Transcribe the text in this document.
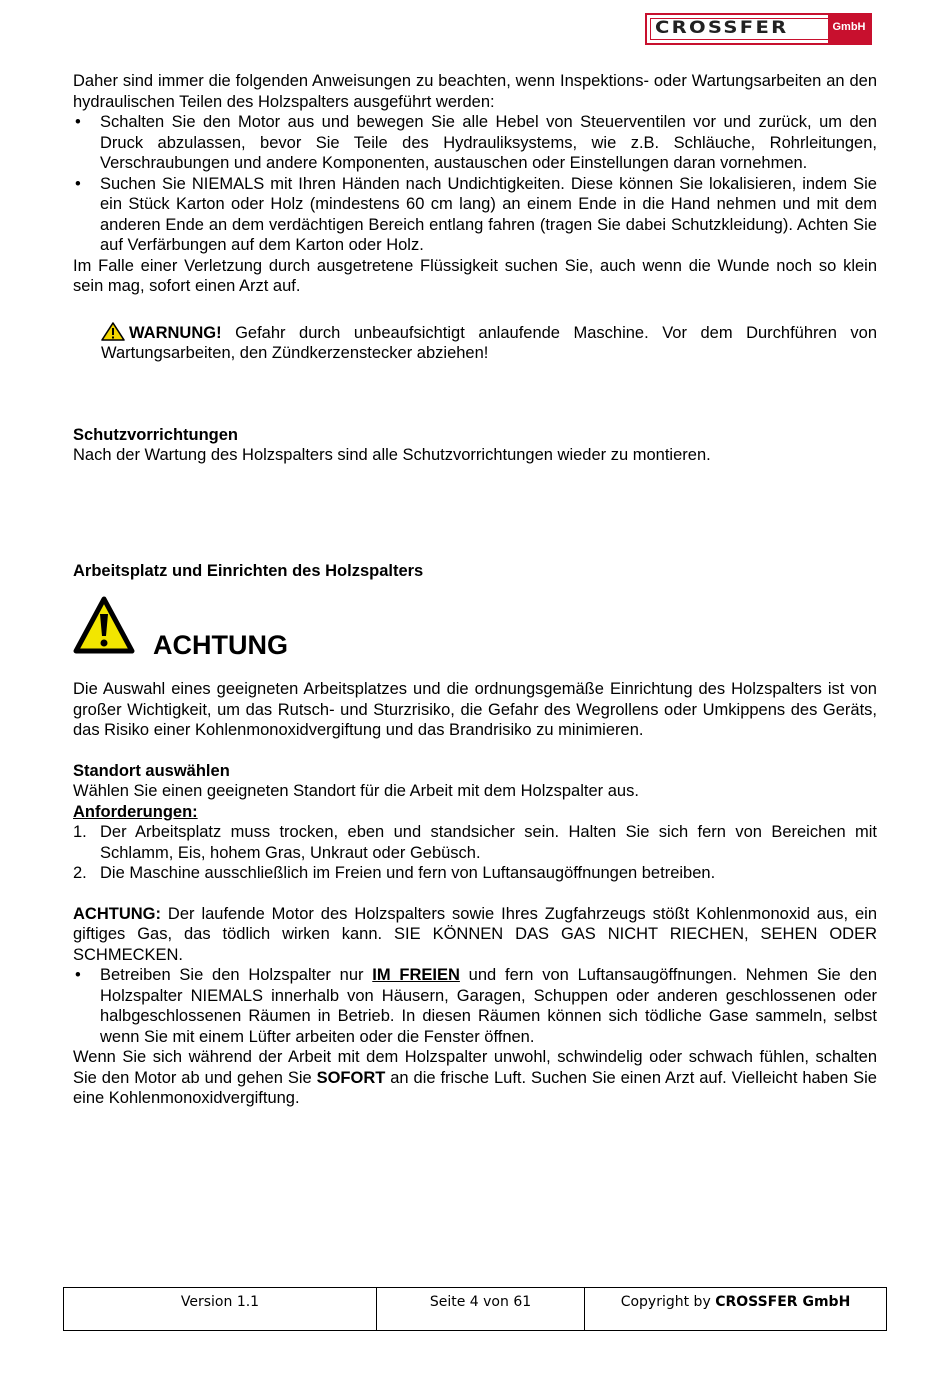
CROSSFER	GmbH

Daher sind immer die folgenden Anweisungen zu beachten, wenn Inspektions- oder Wartungsarbeiten an den hydraulischen Teilen des Holzspalters ausgeführt werden:

• Schalten Sie den Motor aus und bewegen Sie alle Hebel von Steuerventilen vor und zurück, um den Druck abzulassen, bevor Sie Teile des Hydrauliksystems, wie z.B. Schläuche, Rohrleitungen, Verschraubungen und andere Komponenten, austauschen oder Einstellungen daran vornehmen.
• Suchen Sie NIEMALS mit Ihren Händen nach Undichtigkeiten. Diese können Sie lokalisieren, indem Sie ein Stück Karton oder Holz (mindestens 60 cm lang) an einem Ende in die Hand nehmen und mit dem anderen Ende an dem verdächtigen Bereich entlang fahren (tragen Sie dabei Schutzkleidung). Achten Sie auf Verfärbungen auf dem Karton oder Holz.

Im Falle einer Verletzung durch ausgetretene Flüssigkeit suchen Sie, auch wenn die Wunde noch so klein sein mag, sofort einen Arzt auf.

WARNUNG! Gefahr durch unbeaufsichtigt anlaufende Maschine. Vor dem Durchführen von Wartungsarbeiten, den Zündkerzenstecker abziehen!

Schutzvorrichtungen

Nach der Wartung des Holzspalters sind alle Schutzvorrichtungen wieder zu montieren.

Arbeitsplatz und Einrichten des Holzspalters

ACHTUNG

Die Auswahl eines geeigneten Arbeitsplatzes und die ordnungsgemäße Einrichtung des Holzspalters ist von großer Wichtigkeit, um das Rutsch- und Sturzrisiko, die Gefahr des Wegrollens oder Umkippens des Geräts, das Risiko einer Kohlenmonoxidvergiftung und das Brandrisiko zu minimieren.

Standort auswählen

Wählen Sie einen geeigneten Standort für die Arbeit mit dem Holzspalter aus.

Anforderungen:

1. Der Arbeitsplatz muss trocken, eben und standsicher sein. Halten Sie sich fern von Bereichen mit Schlamm, Eis, hohem Gras, Unkraut oder Gebüsch.
2. Die Maschine ausschließlich im Freien und fern von Luftansaugöffnungen betreiben.

ACHTUNG: Der laufende Motor des Holzspalters sowie Ihres Zugfahrzeugs stößt Kohlenmonoxid aus, ein giftiges Gas, das tödlich wirken kann. SIE KÖNNEN DAS GAS NICHT RIECHEN, SEHEN ODER SCHMECKEN.

• Betreiben Sie den Holzspalter nur IM FREIEN und fern von Luftansaugöffnungen. Nehmen Sie den Holzspalter NIEMALS innerhalb von Häusern, Garagen, Schuppen oder anderen geschlossenen oder halbgeschlossenen Räumen in Betrieb. In diesen Räumen können sich tödliche Gase sammeln, selbst wenn Sie mit einem Lüfter arbeiten oder die Fenster öffnen.

Wenn Sie sich während der Arbeit mit dem Holzspalter unwohl, schwindelig oder schwach fühlen, schalten Sie den Motor ab und gehen Sie SOFORT an die frische Luft. Suchen Sie einen Arzt auf. Vielleicht haben Sie eine Kohlenmonoxidvergiftung.

Version 1.1	Seite 4 von 61	Copyright by CROSSFER GmbH
